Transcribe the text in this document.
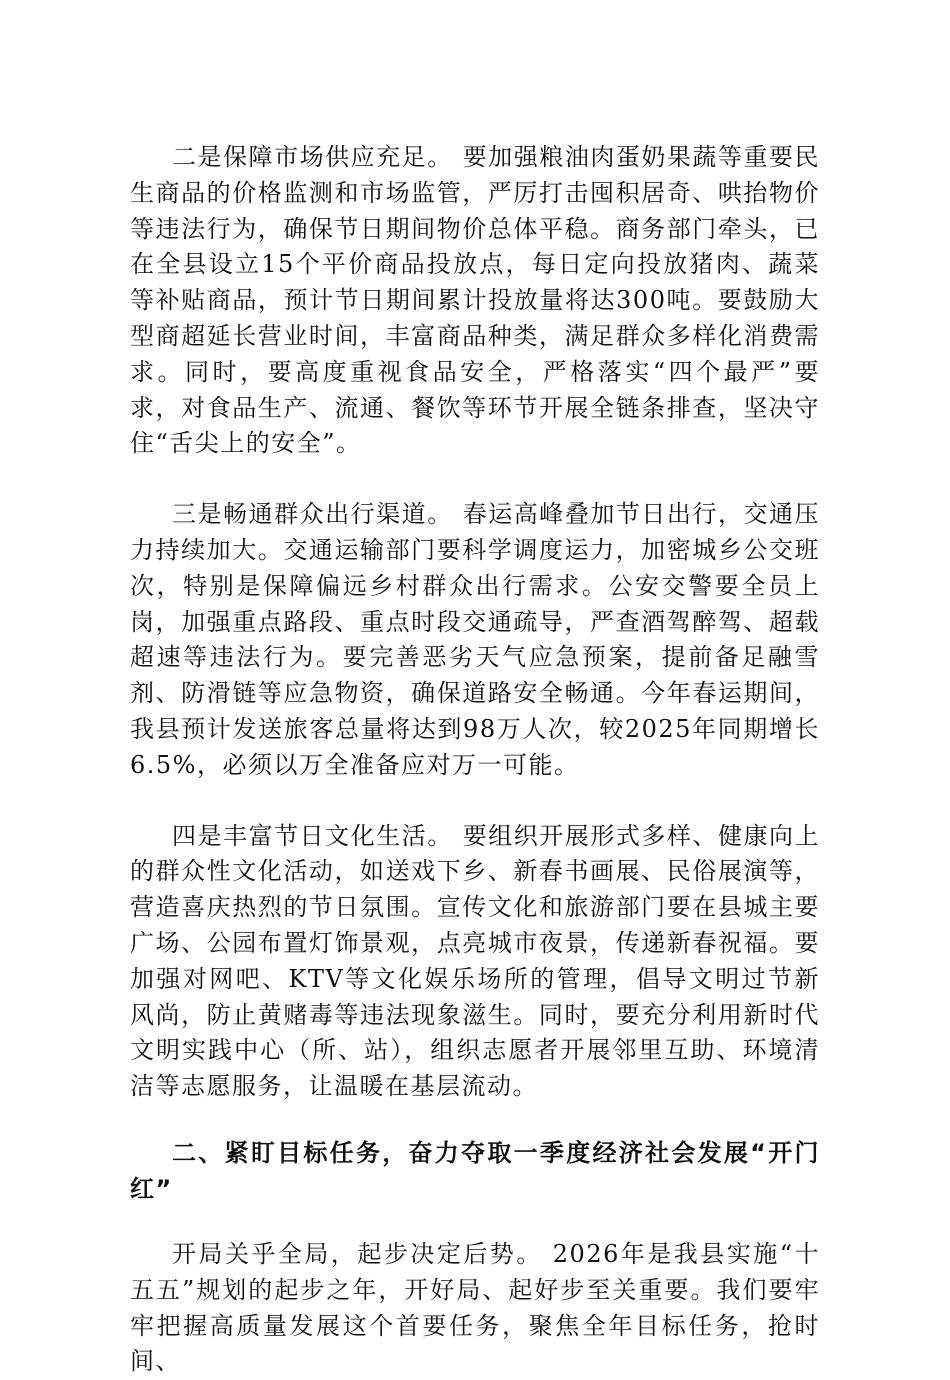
二是保障市场供应充足。 要加强粮油肉蛋奶果蔬等重要民生商品的价格监测和市场监管，严厉打击囤积居奇、哄抬物价等违法行为，确保节日期间物价总体平稳。商务部门牵头，已在全县设立15个平价商品投放点，每日定向投放猪肉、蔬菜等补贴商品，预计节日期间累计投放量将达300吨。要鼓励大型商超延长营业时间，丰富商品种类，满足群众多样化消费需求。同时，要高度重视食品安全，严格落实“四个最严”要求，对食品生产、流通、餐饮等环节开展全链条排查，坚决守住“舌尖上的安全”。

三是畅通群众出行渠道。 春运高峰叠加节日出行，交通压力持续加大。交通运输部门要科学调度运力，加密城乡公交班次，特别是保障偏远乡村群众出行需求。公安交警要全员上岗，加强重点路段、重点时段交通疏导，严查酒驾醉驾、超载超速等违法行为。要完善恶劣天气应急预案，提前备足融雪剂、防滑链等应急物资，确保道路安全畅通。今年春运期间，我县预计发送旅客总量将达到98万人次，较2025年同期增长6.5%，必须以万全准备应对万一可能。

四是丰富节日文化生活。 要组织开展形式多样、健康向上的群众性文化活动，如送戏下乡、新春书画展、民俗展演等，营造喜庆热烈的节日氛围。宣传文化和旅游部门要在县城主要广场、公园布置灯饰景观，点亮城市夜景，传递新春祝福。要加强对网吧、KTV等文化娱乐场所的管理，倡导文明过节新风尚，防止黄赌毒等违法现象滋生。同时，要充分利用新时代文明实践中心（所、站），组织志愿者开展邻里互助、环境清洁等志愿服务，让温暖在基层流动。

二、紧盯目标任务，奋力夺取一季度经济社会发展“开门红”

开局关乎全局，起步决定后势。 2026年是我县实施“十五五”规划的起步之年，开好局、起好步至关重要。我们要牢牢把握高质量发展这个首要任务，聚焦全年目标任务，抢时间、
